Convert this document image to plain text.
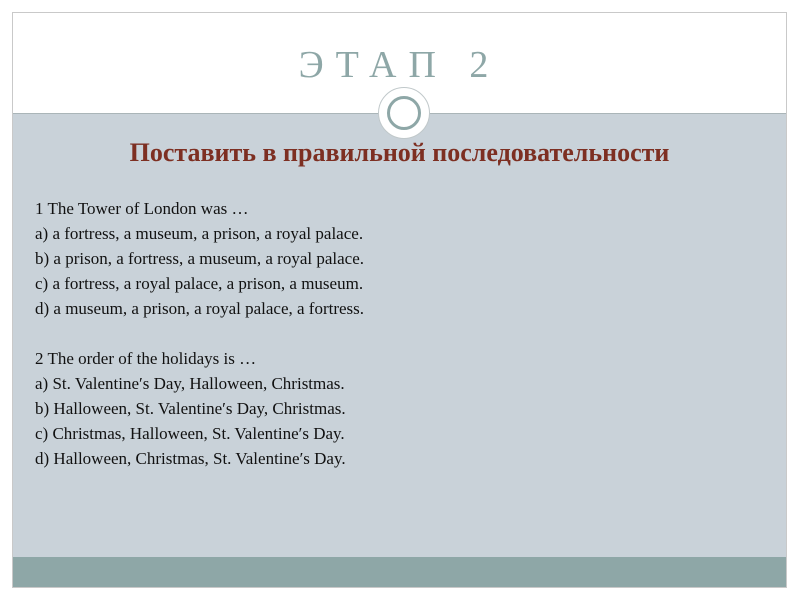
ЭТАП 2
Поставить в правильной последовательности
1 The Tower of London was …
a) a fortress, a museum, a prison, a royal palace.
b) a prison, a fortress, a museum, a royal palace.
c) a fortress, a royal palace, a prison, a museum.
d) a museum, a prison, a royal palace, a fortress.
2 The order of the holidays is …
a) St. Valentine′s Day, Halloween, Christmas.
b) Halloween, St. Valentine′s Day, Christmas.
c) Christmas, Halloween, St. Valentine′s Day.
d) Halloween, Christmas, St. Valentine′s Day.
